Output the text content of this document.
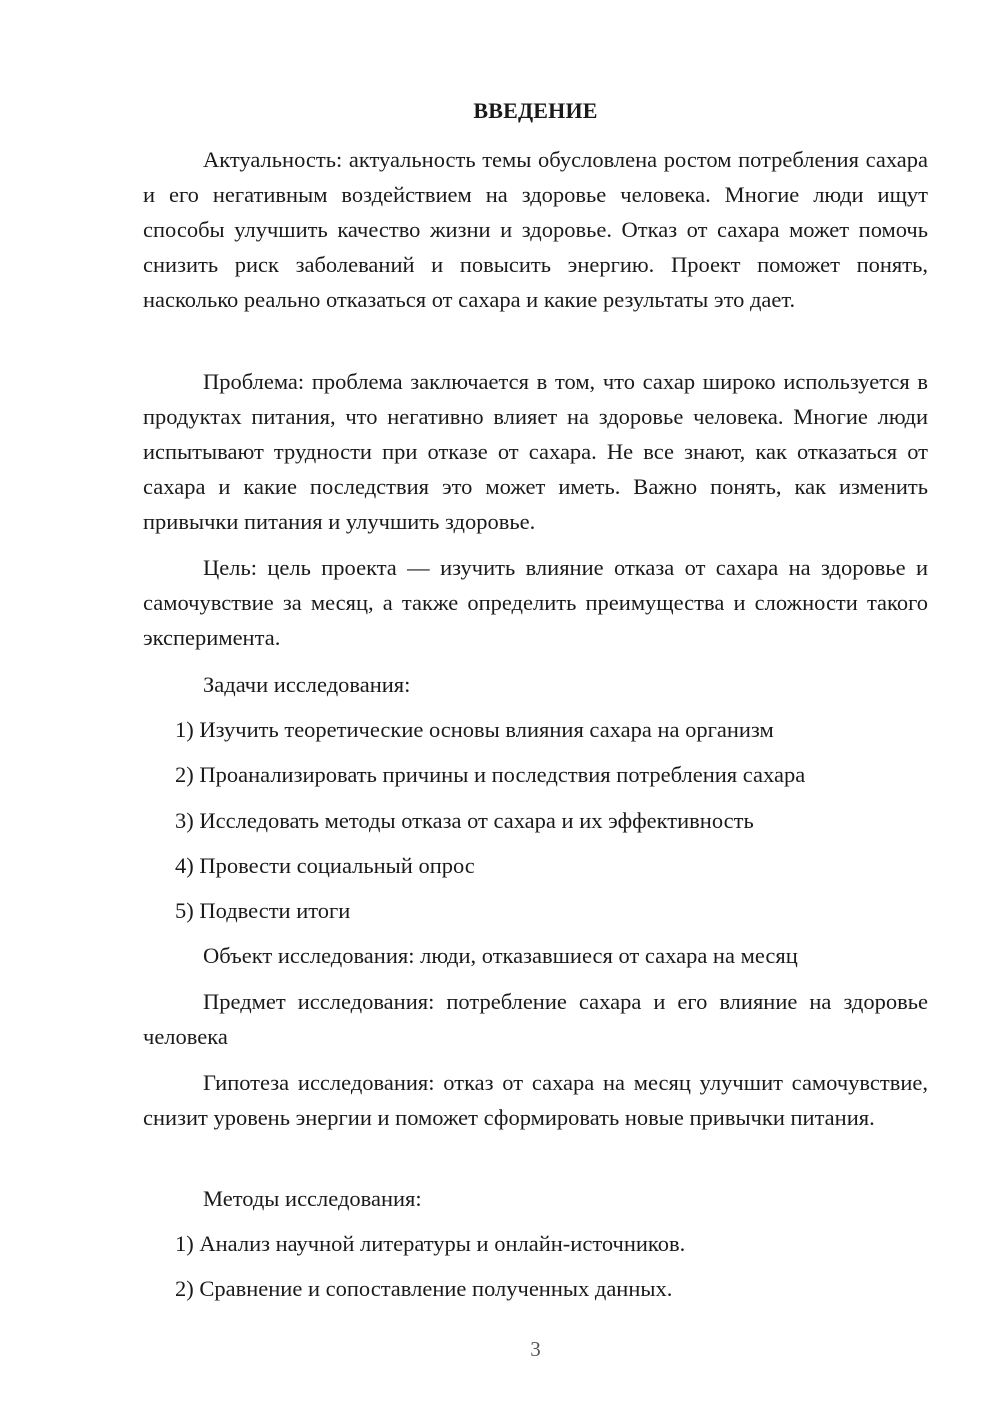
ВВЕДЕНИЕ

Актуальность: актуальность темы обусловлена ростом потребления сахара и его негативным воздействием на здоровье человека. Многие люди ищут способы улучшить качество жизни и здоровье. Отказ от сахара может помочь снизить риск заболеваний и повысить энергию. Проект поможет понять, насколько реально отказаться от сахара и какие результаты это дает.

Проблема: проблема заключается в том, что сахар широко используется в продуктах питания, что негативно влияет на здоровье человека. Многие люди испытывают трудности при отказе от сахара. Не все знают, как отказаться от сахара и какие последствия это может иметь. Важно понять, как изменить привычки питания и улучшить здоровье.

Цель: цель проекта — изучить влияние отказа от сахара на здоровье и самочувствие за месяц, а также определить преимущества и сложности такого эксперимента.

Задачи исследования:

1) Изучить теоретические основы влияния сахара на организм

2) Проанализировать причины и последствия потребления сахара

3) Исследовать методы отказа от сахара и их эффективность

4) Провести социальный опрос

5) Подвести итоги

Объект исследования: люди, отказавшиеся от сахара на месяц

Предмет исследования: потребление сахара и его влияние на здоровье человека

Гипотеза исследования: отказ от сахара на месяц улучшит самочувствие, снизит уровень энергии и поможет сформировать новые привычки питания.

Методы исследования:

1) Анализ научной литературы и онлайн-источников.

2) Сравнение и сопоставление полученных данных.

3
